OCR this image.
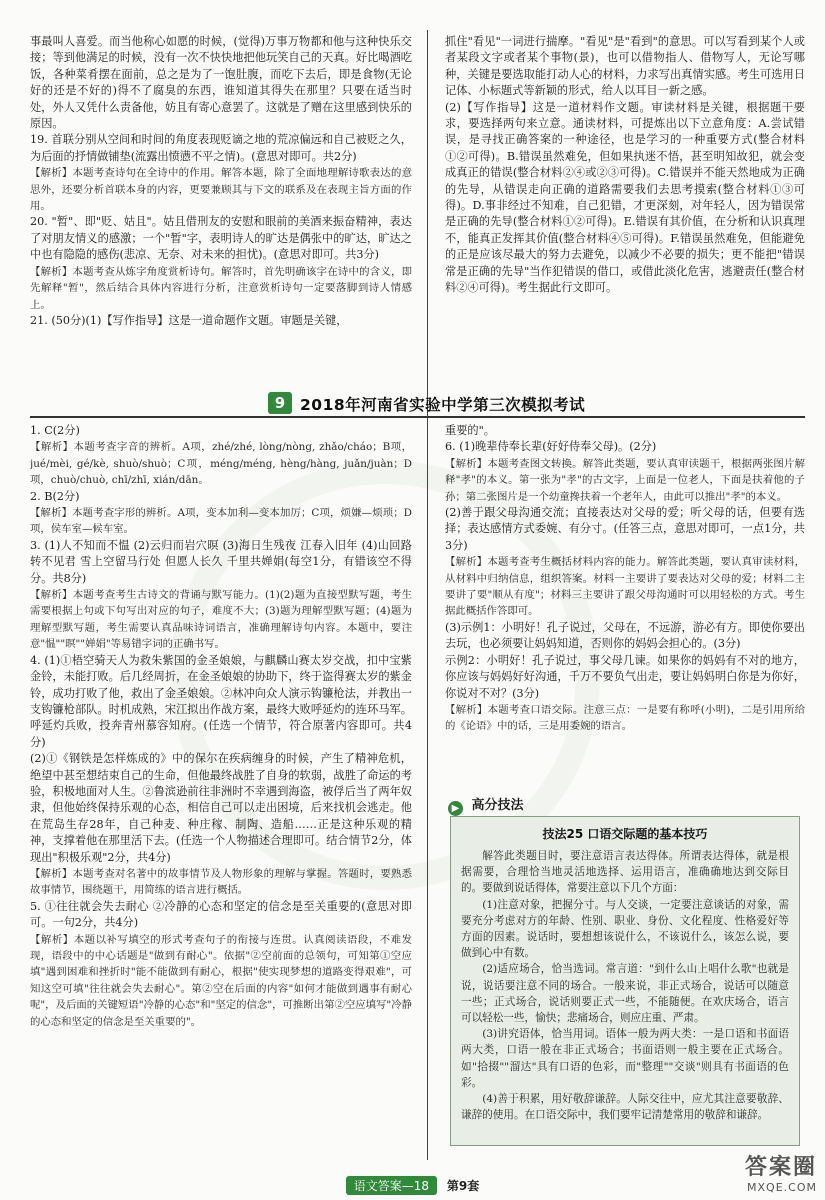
事最叫人喜爱。而当他称心如愿的时候，(觉得)万事万物都和他与这种快乐交接；等到他满足的时候，没有一次不快快地把他玩笑自己的天真。好比喝酒吃饭，各种菜肴摆在面前，总之是为了一饱肚腹，而吃下去后，即是食物(无论好的还是不好的)得不了腐臭的东西，谁知道其得失在那里？只要在适当时处，外人又凭什么责备他，妨且有寄心意罢了。这就是了赠在这里感到快乐的原因。

19. 首联分别从空间和时间的角度表现贬谪之地的荒凉偏远和自己被贬之久，为后面的抒情做铺垫(流露出愤懑不平之情)。(意思对即可。共2分)

【解析】本题考查诗句在全诗中的作用。解答本题，除了全面地理解诗歌表达的意思外，还要分析首联本身的内容，更要兼顾其与下文的联系及在表现主旨方面的作用。

20. "暂"、即"贬、姑且"。姑且借刑友的安慰和眼前的美酒来振奋精神，表达了对朋友情义的感激；一个"暂"字，表明诗人的旷达是偶张中的旷达，旷达之中也有隐隐的感伤(悲凉、无奈、对未来的担忧)。(意思对即可。共3分)

【解析】本题考查从炼字角度赏析诗句。解答时，首先明确该字在诗中的含义，即先解释"暂"，然后结合具体内容进行分析，注意赏析诗句一定要落脚到诗人情感上。

21. (50分)(1)【写作指导】这是一道命题作文题。审题是关键，

抓住"看见"一词进行揣摩。"看见"是"看到"的意思。可以写看到某个人或者某段文字或者某个事物(景)，也可以借物指人、借物写人，无论写哪种，关键是要选取能打动人心的材料，力求写出真情实感。考生可选用日记体、小标题式等新颖的形式，给人以耳目一新之感。

(2)【写作指导】这是一道材料作文题。审读材料是关键，根据题干要求，要选择两句来立意。通读材料，可提炼出以下立意角度：A.尝试错误，是寻找正确答案的一种途径，也是学习的一种重要方式(整合材料①②可得)。B.错误虽然难免，但如果执迷不悟，甚至明知故犯，就会变成真正的错误(整合材料②④或②③可得)。C.错误并不能天然地成为正确的先导，从错误走向正确的道路需要我们去思考摸索(整合材料①③可得)。D.事非经过不知难，自己犯错，才更深刻，对年轻人，因为错误常是正确的先导(整合材料①②可得)。E.错误有其价值，在分析和认识真理不，能真正发挥其价值(整合材料④⑤可得)。F.错误虽然难免，但能避免的正是应该尽最大的努力去避免，以减少不必要的损失；更不能把"错误常是正确的先导"当作犯错误的借口，或借此淡化危害，逃避责任(整合材料②④可得)。考生据此行文即可。

9 2018年河南省实验中学第三次模拟考试

1. C(2分)

【解析】本题考查字音的辨析。A项，zhé/zhé, lòng/nòng, zhǎo/cháo；B项，jué/mèi, gé/kè, shuò/shuò；C项，méng/méng, hèng/hàng, juǎn/juàn；D项，chuò/chuò, chī/zhī, xián/dān。

2. B(2分)

【解析】本题考查字形的辨析。A项，变本加利—变本加厉；C项，烦嫌—烦琐；D项，侯车室—候车室。

3. (1)人不知而不愠 (2)云归而岩穴暝 (3)海日生残夜 江春入旧年 (4)山回路转不见君 雪上空留马行处 但愿人长久 千里共婵娟(每空1分，有错该空不得分。共8分)

【解析】本题考查考生古诗文的背诵与默写能力。(1)(2)题为直接型默写题，考生需要根据上句或下句写出对应的句子，难度不大；(3)题为理解型默写题；(4)题为理解型默写题，考生需要认真品味诗词语言，准确理解诗句内容。本题中，要注意"愠""暝""婵娟"等易错字词的正确书写。

4. (1)①梧空骑天人为救朱紫国的金圣娘娘，与麒麟山赛太岁交战，扣中宝紫金铃，未能打败。后几经周折，在金圣娘娘的协助下，终于盗得赛太岁的紫金铃，成功打败了他，救出了金圣娘娘。②林冲向众人演示钩镰枪法，并教出一支钩镰枪部队。时机成熟，宋江拟出作战方案，最终大败呼延灼的连环马军。呼延灼兵败，投奔青州慕容知府。(任选一个情节，符合原著内容即可。共4分)

(2)①《钢铁是怎样炼成的》中的保尔在疾病缠身的时候，产生了精神危机，绝望中甚至想结束自己的生命，但他最终战胜了自身的软弱，战胜了命运的考验，积极地面对人生。②鲁滨逊前往非洲时不幸遇到海盗，被俘后当了两年奴隶，但他始终保持乐观的心态，相信自己可以走出困境，后来找机会逃走。他在荒岛生存28年，自己种麦、种庄稼、制陶、造船……正是这种乐观的精神，支撑着他在那里活下去。(任选一个人物描述合理即可。结合情节2分，体现出"积极乐观"2分，共4分)

【解析】本题考查对名著中的故事情节及人物形象的理解与掌握。答题时，要熟悉故事情节，围绕题干，用简练的语言进行概括。

5. ①往往就会失去耐心 ②冷静的心态和坚定的信念是至关重要的(意思对即可。一句2分，共4分)

【解析】本题以补写填空的形式考查句子的衔接与连贯。认真阅读语段，不难发现，语段中的中心话题是"做到有耐心"。依据"②空前面的总领句，可知第①空应填"遇到困难和挫折时"能不能做到有耐心，根据"使实现梦想的道路变得艰难"，可知这空可填"往往就会失去耐心"。第②空在后面的内容"如何才能做到遇事有耐心呢"，及后面的关键短语"冷静的心态"和"坚定的信念"，可推断出第②空应填写"冷静的心态和坚定的信念是至关重要的"。

重要的"。

6. (1)晚辈侍奉长辈(好好侍奉父母)。(2分)

【解析】本题考查图文转换。解答此类题，要认真审读题干，根据两张图片解释"孝"的本义。第一张为"孝"的古文字，上面是一位老人，下面是扶着他的子孙；第二张图片是一个幼童搀扶着一个老年人，由此可以推出"孝"的本义。

(2)善于跟父母沟通交流；直接表达对父母的爱；听父母的话，但要有选择；表达感情方式委婉、有分寸。(任答三点，意思对即可，一点1分，共3分)

【解析】本题考查考生概括材料内容的能力。解答此类题，要认真审读材料，从材料中归纳信息，组织答案。材料一主要讲了要表达对父母的爱；材料二主要讲了要"顺从有度"；材料三主要讲了跟父母沟通时可以用轻松的方式。考生据此概括作答即可。

(3)示例1：小明好！孔子说过，父母在，不远游，游必有方。即使你要出去玩，也必须要让妈妈知道，否则你的妈妈会担心的。(3分)

示例2：小明好！孔子说过，事父母几谏。如果你的妈妈有不对的地方，你应该与妈妈好好沟通，千万不要负气出走，要让妈妈明白你是为你好，你说对不对？(3分)

【解析】本题考查口语交际。注意三点：一是要有称呼(小明)，二是引用所给的《论语》中的话，三是用委婉的语言。

▶ 高分技法
技法25 口语交际题的基本技巧

解答此类题目时，要注意语言表达得体。所谓表达得体，就是根据需要，合理恰当地灵活地选择、运用语言，准确确地达到交际目的。要做到说话得体，常要注意以下几个方面：

(1)注意对象，把握分寸。与人交谈，一定要注意谈话的对象，需要充分考虑对方的年龄、性别、职业、身份、文化程度、性格爱好等方面的因素。说话时，要想想该说什么，不该说什么，该怎么说，要做到心中有数。

(2)适应场合，恰当选词。常言道："到什么山上唱什么歌"也就是说，说话要注意不同的场合。一般来说，非正式场合，说话可以随意一些；正式场合，说话则要正式一些，不能随便。在欢庆场合，语言可以轻松一些，愉快；悲痛场合，则应庄重、严肃。

(3)讲究语体，恰当用词。语体一般为两大类：一是口语和书面语两大类，口语一般在非正式场合；书面语则一般主要在正式场合。如"拾掇""溜达"具有口语的色彩，而"整理""交谈"则具有书面语的色彩。

(4)善于积累，用好敬辞谦辞。人际交往中，应尤其注意要敬辞、谦辞的使用。在口语交际中，我们要牢记清楚常用的敬辞和谦辞。

语文答案—18 第9套
答案圈
MXQE.COM
